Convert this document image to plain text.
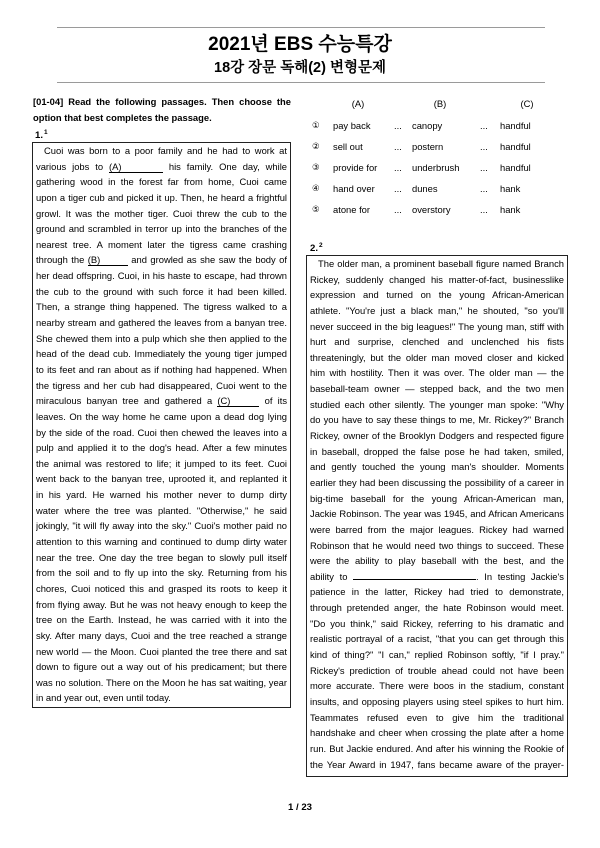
2021년 EBS 수능특강
18강 장문 독해(2) 변형문제
[01-04] Read the following passages. Then choose the
option that best completes the passage.
1.$^1$
Cuoi was born to a poor family and he had to work at
various jobs to (A)	his family. One day, while
gathering wood in the forest far from home, Cuoi came
upon a tiger cub and picked it up. Then, he heard a frightful
growl. It was the mother tiger. Cuoi threw the cub to the
ground and scrambled in terror up into the branches of the
nearest tree. A moment later the tigress came crashing
through the (B)	and growled as she saw the body of
her dead offspring. Cuoi, in his haste to escape, had thrown
the cub to the ground with such force it had been killed.
Then, a strange thing happened. The tigress walked to a
nearby stream and gathered the leaves from a banyan tree.
She chewed them into a pulp which she then applied to the
head of the dead cub. Immediately the young tiger jumped
to its feet and ran about as if nothing had happened. When
the tigress and her cub had disappeared, Cuoi went to the
miraculous banyan tree and gathered a (C)	of its
leaves. On the way home he came upon a dead dog lying
by the side of the road. Cuoi then chewed the leaves into a
pulp and applied it to the dog's head. After a few minutes
the animal was restored to life; it jumped to its feet. Cuoi
went back to the banyan tree, uprooted it, and replanted it
in his yard. He warned his mother never to dump dirty
water where the tree was planted. "Otherwise," he said
jokingly, "it will fly away into the sky." Cuoi's mother paid no
attention to this warning and continued to dump dirty water
near the tree. One day the tree began to slowly pull itself
from the soil and to fly up into the sky. Returning from his
chores, Cuoi noticed this and grasped its roots to keep it
from flying away. But he was not heavy enough to keep the
tree on the Earth. Instead, he was carried with it into the
sky. After many days, Cuoi and the tree reached a strange
new world — the Moon. Cuoi planted the tree there and sat
down to figure out a way out of his predicament; but there
was no solution. There on the Moon he has sat waiting, year
in and year out, even until today.
(A)	(B)	(C)
① pay back ... canopy	... handful
② sell out	... postern	... handful
③ provide for ... underbrush ... handful
④ hand over ... dunes	... hank
⑤ atone for	... overstory	... hank
2.$^2$
The older man, a prominent baseball figure named Branch
Rickey, suddenly changed his matter-of-fact, businesslike
expression and turned on the young African-American
athlete. "You're just a black man," he shouted, "so you'll
never succeed in the big leagues!" The young man, stiff with
hurt and surprise, clenched and unclenched his fists
threateningly, but the older man moved closer and kicked
him with hostility. Then it was over. The older man — the
baseball-team owner — stepped back, and the two men
studied each other silently. The younger man spoke: "Why
do you have to say these things to me, Mr. Rickey?" Branch
Rickey, owner of the Brooklyn Dodgers and respected figure
in baseball, dropped the false pose he had taken, smiled,
and gently touched the young man's shoulder. Moments
earlier they had been discussing the possibility of a career in
big-time baseball for the young African-American man,
Jackie Robinson. The year was 1945, and African Americans
were barred from the major leagues. Rickey had warned
Robinson that he would need two things to succeed. These
were the ability to play baseball with the best, and the
ability to	. In testing Jackie's
patience in the latter, Rickey had tried to demonstrate,
through pretended anger, the hate Robinson would meet.
"Do you think," said Rickey, referring to his dramatic and
realistic portrayal of a racist, "that you can get through this
kind of thing?" "I can," replied Robinson softly, "if I pray."
Rickey's prediction of trouble ahead could not have been
more accurate. There were boos in the stadium, constant
insults, and opposing players using steel spikes to hurt him.
Teammates refused even to give him the traditional
handshake and cheer when crossing the plate after a home
run. But Jackie endured. And after his winning the Rookie of
the Year Award in 1947, fans became aware of the prayer-
1 / 23
